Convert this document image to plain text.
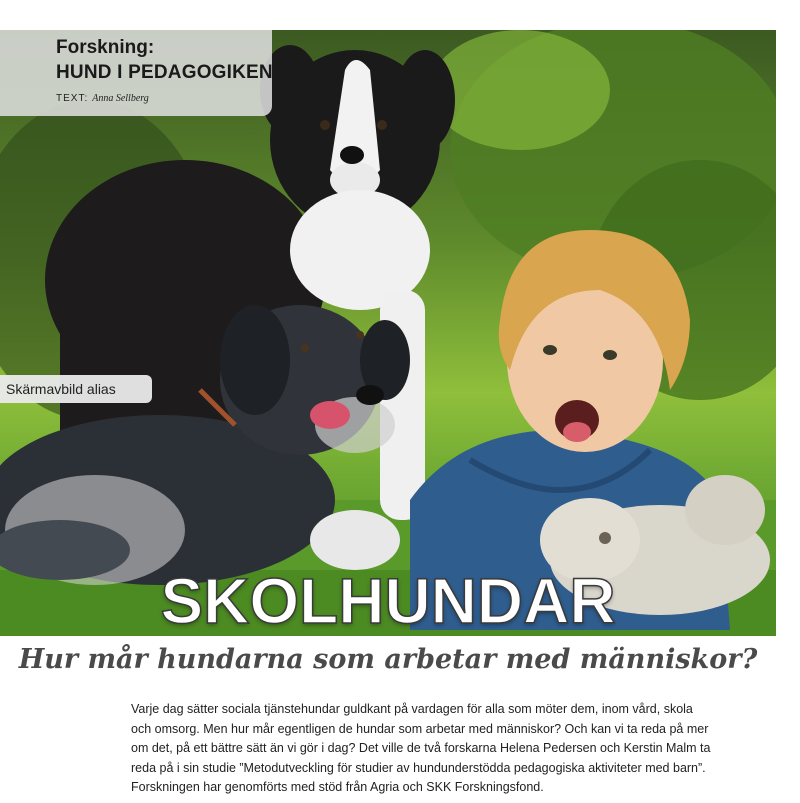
Forskning:
HUND I PEDAGOGIKEN
TEXT: Anna Sellberg
Skärmavbild alias
SKOLHUNDAR
Hur mår hundarna som arbetar med människor?

Varje dag sätter sociala tjänstehundar guldkant på vardagen för alla som möter dem, inom vård, skola

och omsorg. Men hur mår egentligen de hundar som arbetar med människor? Och kan vi ta reda på mer

om det, på ett bättre sätt än vi gör i dag? Det ville de två forskarna Helena Pedersen och Kerstin Malm ta

reda på i sin studie ”Metodutveckling för studier av hundunderstödda pedagogiska aktiviteter med barn”.

Forskningen har genomförts med stöd från Agria och SKK Forskningsfond.
